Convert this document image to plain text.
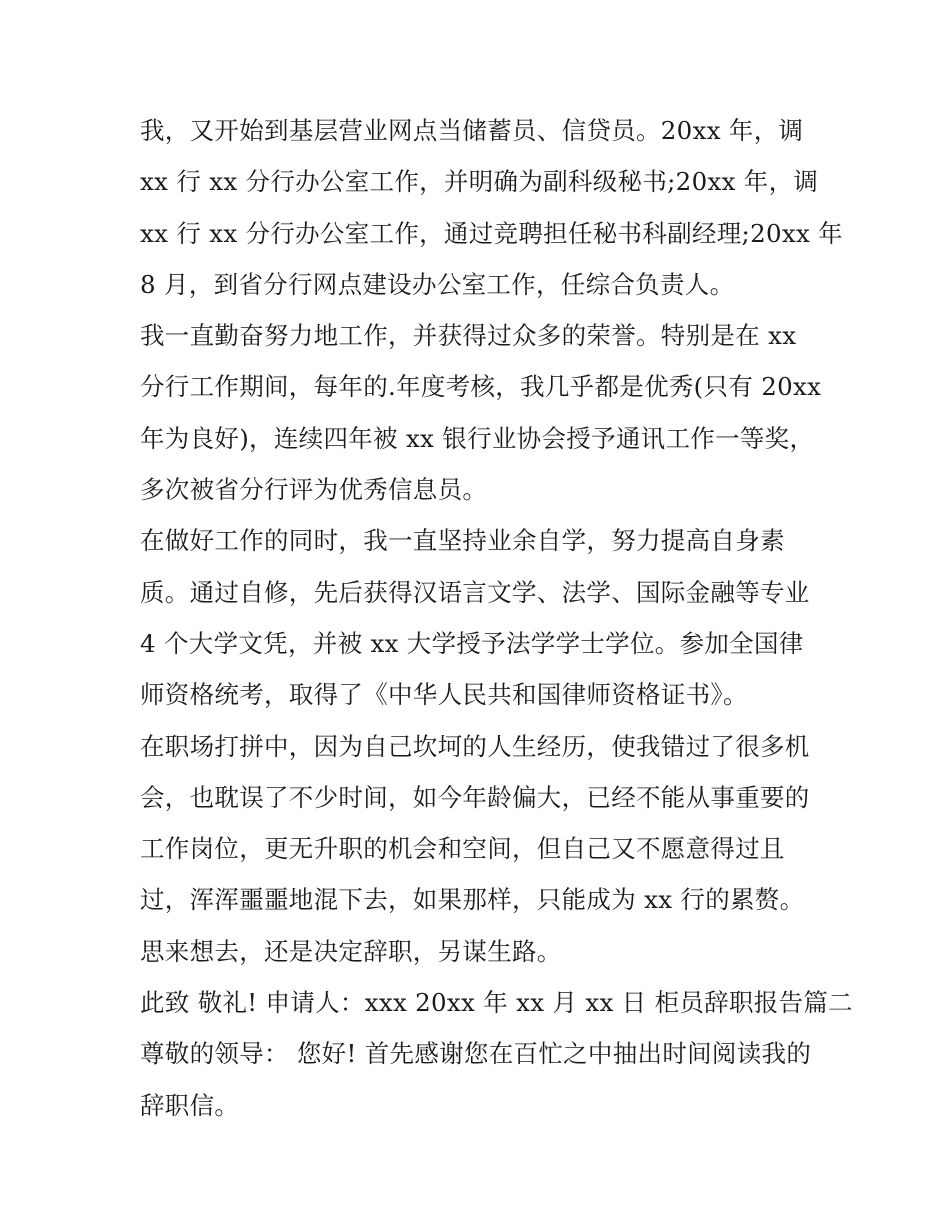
我，又开始到基层营业网点当储蓄员、信贷员。20xx 年，调
xx 行 xx 分行办公室工作，并明确为副科级秘书;20xx 年，调
xx 行 xx 分行办公室工作，通过竞聘担任秘书科副经理;20xx 年
8 月，到省分行网点建设办公室工作，任综合负责人。
我一直勤奋努力地工作，并获得过众多的荣誉。特别是在 xx
分行工作期间，每年的.年度考核，我几乎都是优秀(只有 20xx
年为良好)，连续四年被 xx 银行业协会授予通讯工作一等奖，
多次被省分行评为优秀信息员。
在做好工作的同时，我一直坚持业余自学，努力提高自身素
质。通过自修，先后获得汉语言文学、法学、国际金融等专业
4 个大学文凭，并被 xx 大学授予法学学士学位。参加全国律
师资格统考，取得了《中华人民共和国律师资格证书》。
在职场打拼中，因为自己坎坷的人生经历，使我错过了很多机
会，也耽误了不少时间，如今年龄偏大，已经不能从事重要的
工作岗位，更无升职的机会和空间，但自己又不愿意得过且
过，浑浑噩噩地混下去，如果那样，只能成为 xx 行的累赘。
思来想去，还是决定辞职，另谋生路。
此致 敬礼! 申请人：xxx 20xx 年 xx 月 xx 日 柜员辞职报告篇二
尊敬的领导： 您好! 首先感谢您在百忙之中抽出时间阅读我的
辞职信。
